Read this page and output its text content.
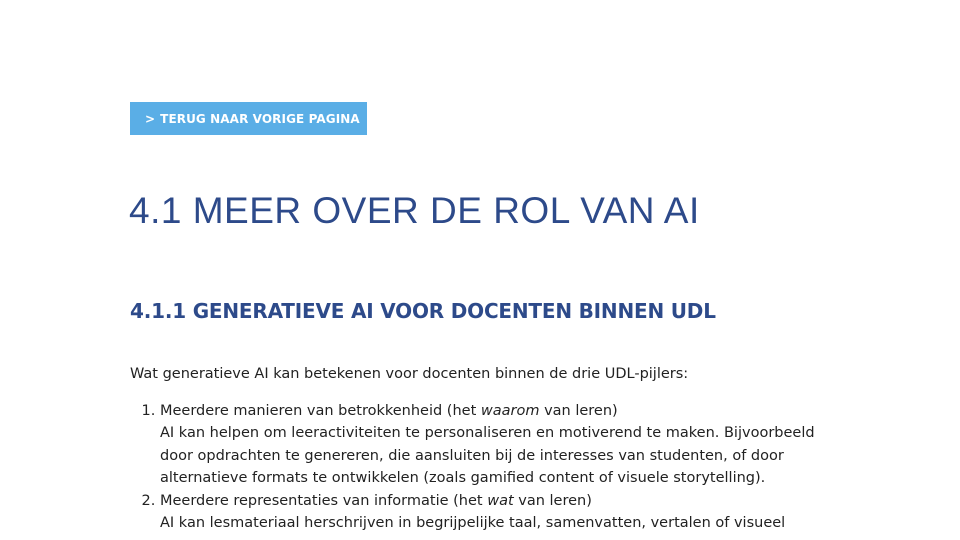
> TERUG NAAR VORIGE PAGINA
4.1 MEER OVER DE ROL VAN AI
4.1.1 GENERATIEVE AI VOOR DOCENTEN BINNEN UDL

Wat generatieve AI kan betekenen voor docenten binnen de drie UDL-pijlers:

1. Meerdere manieren van betrokkenheid (het waarom van leren)
AI kan helpen om leeractiviteiten te personaliseren en motiverend te maken. Bijvoorbeeld door opdrachten te genereren, die aansluiten bij de interesses van studenten, of door alternatieve formats te ontwikkelen (zoals gamified content of visuele storytelling).
2. Meerdere representaties van informatie (het wat van leren)
AI kan lesmateriaal herschrijven in begrijpelijke taal, samenvatten, vertalen of visueel
